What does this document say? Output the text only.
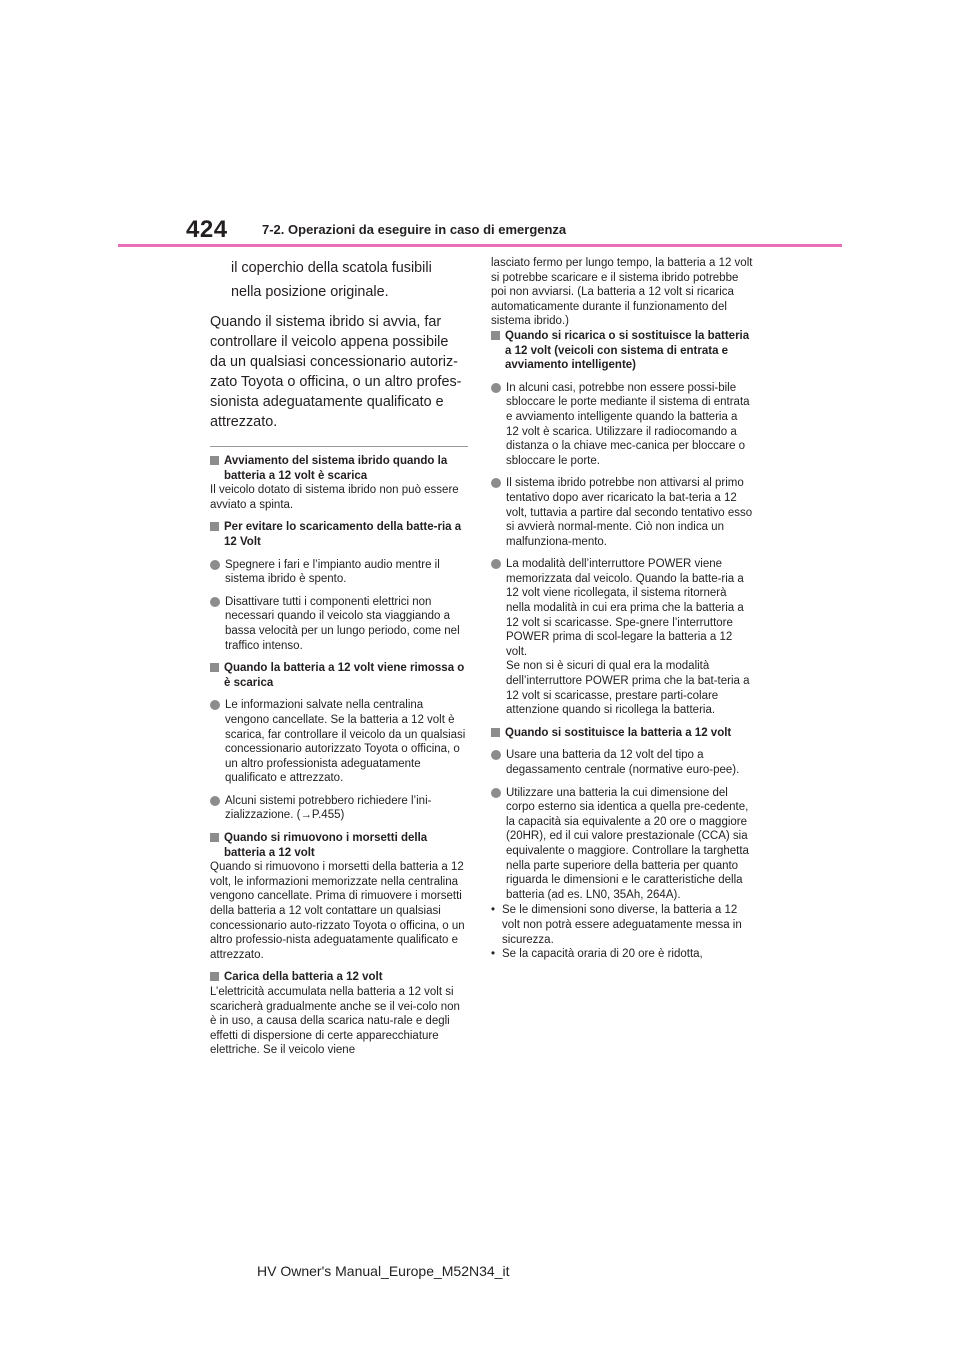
424	7-2. Operazioni da eseguire in caso di emergenza
il coperchio della scatola fusibili
nella posizione originale.

Quando il sistema ibrido si avvia, far controllare il veicolo appena possibile da un qualsiasi concessionario autoriz-zato Toyota o officina, o un altro profes-sionista adeguatamente qualificato e attrezzato.

Avviamento del sistema ibrido quando la batteria a 12 volt è scarica

Il veicolo dotato di sistema ibrido non può essere avviato a spinta.

Per evitare lo scaricamento della batte-ria a 12 Volt
Spegnere i fari e l’impianto audio mentre il sistema ibrido è spento.
Disattivare tutti i componenti elettrici non necessari quando il veicolo sta viaggiando a bassa velocità per un lungo periodo, come nel traffico intenso.
Quando la batteria a 12 volt viene rimossa o è scarica
Le informazioni salvate nella centralina vengono cancellate. Se la batteria a 12 volt è scarica, far controllare il veicolo da un qualsiasi concessionario autorizzato Toyota o officina, o un altro professionista adeguatamente qualificato e attrezzato.
Alcuni sistemi potrebbero richiedere l’ini-zializzazione. (→P.455)
Quando si rimuovono i morsetti della batteria a 12 volt

Quando si rimuovono i morsetti della batteria a 12 volt, le informazioni memorizzate nella centralina vengono cancellate. Prima di rimuovere i morsetti della batteria a 12 volt contattare un qualsiasi concessionario auto-rizzato Toyota o officina, o un altro professio-nista adeguatamente qualificato e attrezzato.

Carica della batteria a 12 volt

L’elettricità accumulata nella batteria a 12 volt si scaricherà gradualmente anche se il vei-colo non è in uso, a causa della scarica natu-rale e degli effetti di dispersione di certe apparecchiature elettriche. Se il veicolo viene

lasciato fermo per lungo tempo, la batteria a 12 volt si potrebbe scaricare e il sistema ibrido potrebbe poi non avviarsi. (La batteria a 12 volt si ricarica automaticamente durante il funzionamento del sistema ibrido.)

Quando si ricarica o si sostituisce la batteria a 12 volt (veicoli con sistema di entrata e avviamento intelligente)
In alcuni casi, potrebbe non essere possi-bile sbloccare le porte mediante il sistema di entrata e avviamento intelligente quando la batteria a 12 volt è scarica. Utilizzare il radiocomando a distanza o la chiave mec-canica per bloccare o sbloccare le porte.
Il sistema ibrido potrebbe non attivarsi al primo tentativo dopo aver ricaricato la bat-teria a 12 volt, tuttavia a partire dal secondo tentativo esso si avvierà normal-mente. Ciò non indica un malfunziona-mento.
La modalità dell’interruttore POWER viene memorizzata dal veicolo. Quando la batte-ria a 12 volt viene ricollegata, il sistema ritornerà nella modalità in cui era prima che la batteria a 12 volt si scaricasse. Spe-gnere l’interruttore POWER prima di scol-legare la batteria a 12 volt.
Se non si è sicuri di qual era la modalità dell’interruttore POWER prima che la bat-teria a 12 volt si scaricasse, prestare parti-colare attenzione quando si ricollega la batteria.
Quando si sostituisce la batteria a 12 volt
Usare una batteria da 12 volt del tipo a degassamento centrale (normative euro-pee).
Utilizzare una batteria la cui dimensione del corpo esterno sia identica a quella pre-cedente, la capacità sia equivalente a 20 ore o maggiore (20HR), ed il cui valore prestazionale (CCA) sia equivalente o maggiore. Controllare la targhetta nella parte superiore della batteria per quanto riguarda le dimensioni e le caratteristiche della batteria (ad es. LN0, 35Ah, 264A).
• Se le dimensioni sono diverse, la batteria a 12 volt non potrà essere adeguatamente messa in sicurezza.
• Se la capacità oraria di 20 ore è ridotta,
HV Owner's Manual_Europe_M52N34_it
